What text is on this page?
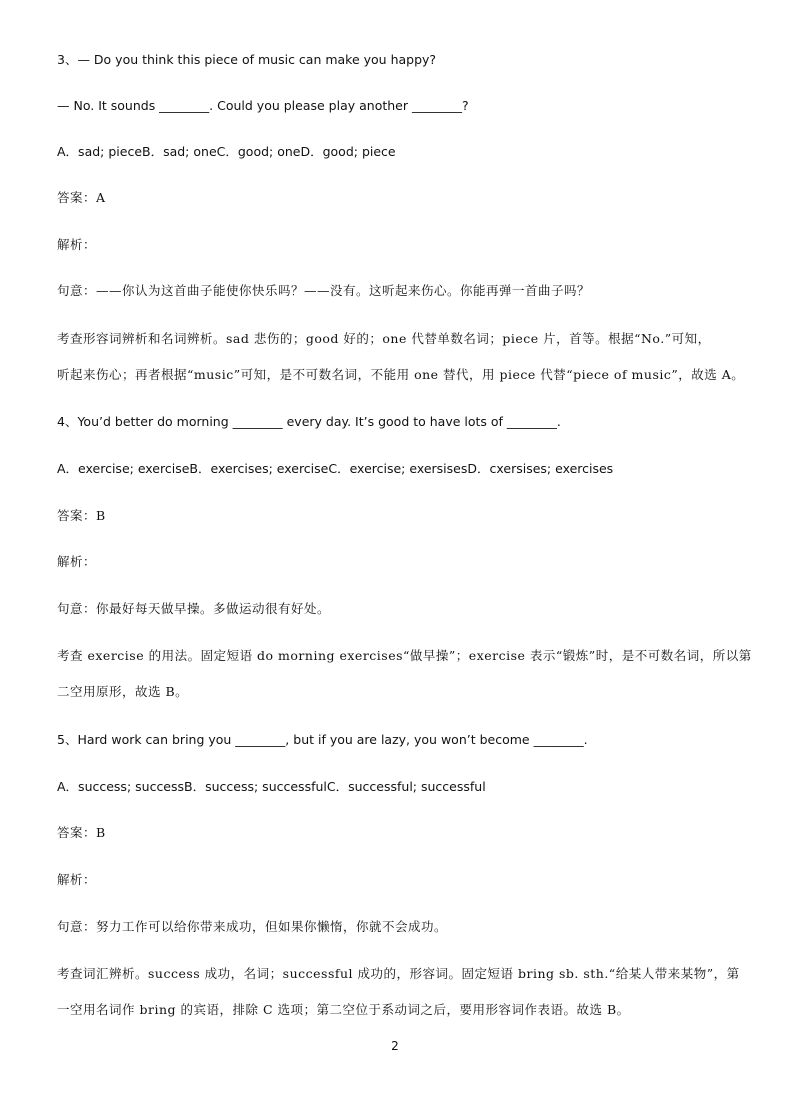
3、— Do you think this piece of music can make you happy?
— No. It sounds ________. Could you please play another ________?
A．sad; pieceB．sad; oneC．good; oneD．good; piece
答案：A
解析：
句意：——你认为这首曲子能使你快乐吗？——没有。这听起来伤心。你能再弹一首曲子吗？
考查形容词辨析和名词辨析。sad 悲伤的；good 好的；one 代替单数名词；piece 片，首等。根据“No.”可知，
听起来伤心；再者根据“music”可知，是不可数名词，不能用 one 替代，用 piece 代替“piece of music”，故选 A。
4、You’d better do morning ________ every day. It’s good to have lots of ________.
A．exercise; exerciseB．exercises; exerciseC．exercise; exersisesD．cxersises; exercises
答案：B
解析：
句意：你最好每天做早操。多做运动很有好处。
考查 exercise 的用法。固定短语 do morning exercises“做早操”；exercise 表示“锻炼”时，是不可数名词，所以第
二空用原形，故选 B。
5、Hard work can bring you ________, but if you are lazy, you won’t become ________.
A．success; successB．success; successfulC．successful; successful
答案：B
解析：
句意：努力工作可以给你带来成功，但如果你懒惰，你就不会成功。
考查词汇辨析。success 成功，名词；successful 成功的，形容词。固定短语 bring sb. sth.“给某人带来某物”，第
一空用名词作 bring 的宾语，排除 C 选项；第二空位于系动词之后，要用形容词作表语。故选 B。
2
